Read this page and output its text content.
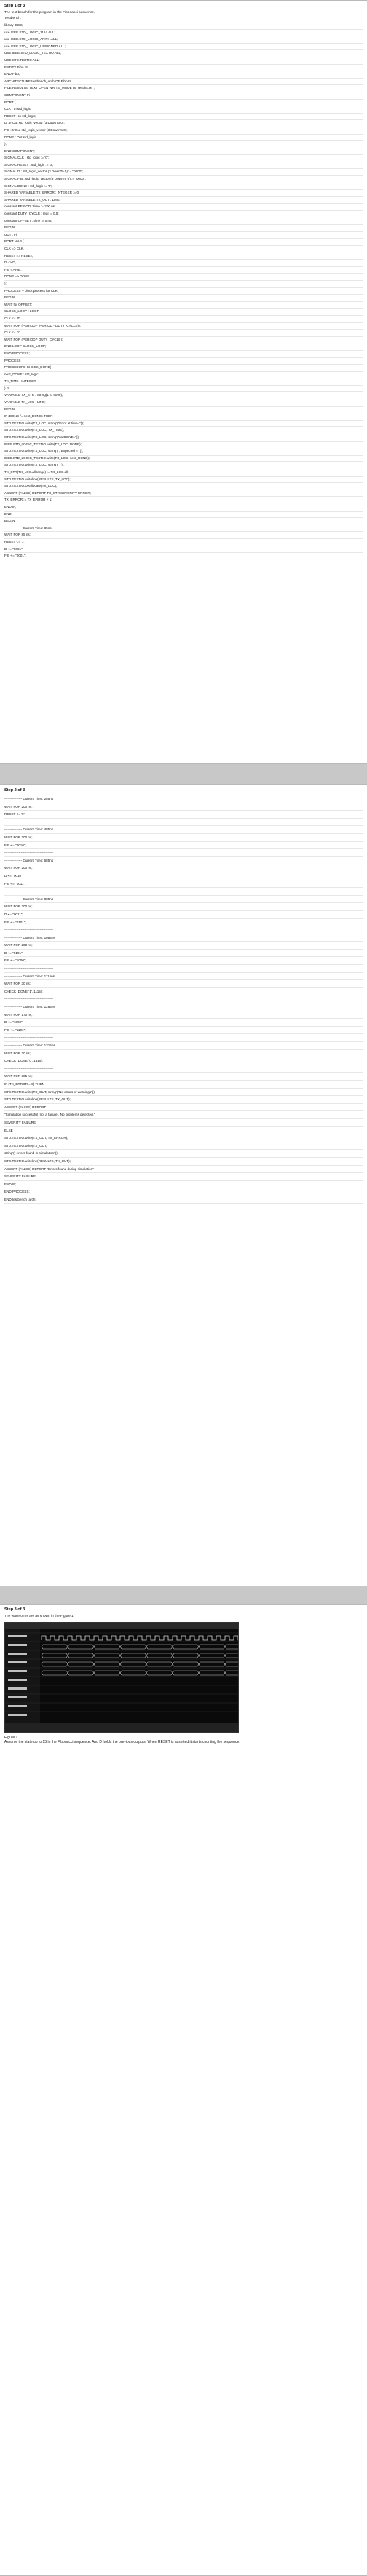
Step 1 of 3
The test bench for the program in the Fibonacci sequence.
Testbench:
library IEEE;
use IEEE.STD_LOGIC_1164.ALL;
use IEEE.STD_LOGIC_ARITH.ALL;
use IEEE.STD_LOGIC_UNSIGNED.ALL;
USE IEEE.STD_LOGIC_TEXTIO.ALL;
USE STD.TEXTIO.ALL;
ENTITY Fibo IS
END Fibo;
ARCHITECTURE testbench_arch OF Fibo IS
FILE RESULTS: TEXT OPEN WRITE_MODE IS "results.txt";
COMPONENT Fi
PORT (
CLK : In std_logic;
RESET : In std_logic;
D : InOut std_logic_vector (3 DownTo 0);
FIB : InOut std_logic_vector (3 DownTo 0);
DONE : Out std_logic
);
END COMPONENT;
SIGNAL CLK : std_logic := '0';
SIGNAL RESET : std_logic := '0';
SIGNAL D : std_logic_vector (3 DownTo 0) := "0000";
SIGNAL FIB : std_logic_vector (3 DownTo 0) := "0000";
SIGNAL DONE : std_logic := '0';
SHARED VARIABLE TX_ERROR : INTEGER := 0;
SHARED VARIABLE TX_OUT : LINE;
constant PERIOD : time := 200 ns;
constant DUTY_CYCLE : real := 0.5;
constant OFFSET : time := 0 ns;
BEGIN
UUT : Fi
PORT MAP (
CLK => CLK,
RESET => RESET,
D => D,
FIB => FIB,
DONE => DONE
);
PROCESS -- clock process for CLK
BEGIN
WAIT for OFFSET;
CLOCK_LOOP : LOOP
CLK <= '0';
WAIT FOR (PERIOD - (PERIOD * DUTY_CYCLE));
CLK <= '1';
WAIT FOR (PERIOD * DUTY_CYCLE);
END LOOP CLOCK_LOOP;
END PROCESS;
PROCESS
PROCEDURE CHECK_DONE(
next_DONE : std_logic;
TX_TIME : INTEGER
) IS
VARIABLE TX_STR : String(1 to 4096);
VARIABLE TX_LOC : LINE;
BEGIN
IF (DONE /= next_DONE) THEN
STD.TEXTIO.write(TX_LOC, string'("Error at time="));
STD.TEXTIO.write(TX_LOC, TX_TIME);
STD.TEXTIO.write(TX_LOC, string'("ns DONE="));
IEEE.STD_LOGIC_TEXTIO.write(TX_LOC, DONE);
STD.TEXTIO.write(TX_LOC, string'(", Expected = "));
IEEE.STD_LOGIC_TEXTIO.write(TX_LOC, next_DONE);
STD.TEXTIO.write(TX_LOC, string'(" "));
TX_STR(TX_LOC.all'range) := TX_LOC.all;
STD.TEXTIO.writeline(RESULTS, TX_LOC);
STD.TEXTIO.Deallocate(TX_LOC);
ASSERT (FALSE) REPORT TX_STR SEVERITY ERROR;
TX_ERROR := TX_ERROR + 1;
END IF;
END;
BEGIN
-- ------------- Current Time: 85ns
WAIT FOR 85 ns;
RESET <= '1';
D <= "0001";
FIB <= "0001";
Step 2 of 3
-- ------------- Current Time: 285ns
WAIT FOR 200 ns;
RESET <= '0';
-- -----------------------------------------
-- ------------- Current Time: 485ns
WAIT FOR 200 ns;
FIB <= "0010";
-- -----------------------------------------
-- ------------- Current Time: 685ns
WAIT FOR 200 ns;
D <= "0010";
FIB <= "0011";
-- -----------------------------------------
-- ------------- Current Time: 885ns
WAIT FOR 200 ns;
D <= "0011";
FIB <= "0101";
-- -----------------------------------------
-- ------------- Current Time: 1085ns
WAIT FOR 200 ns;
D <= "0101";
FIB <= "1000";
-- -----------------------------------------
-- ------------- Current Time: 1115ns
WAIT FOR 30 ns;
CHECK_DONE('1', 1115);
-- -----------------------------------------
-- ------------- Current Time: 1285ns
WAIT FOR 170 ns;
D <= "1000";
FIB <= "1101";
-- -----------------------------------------
-- ------------- Current Time: 1315ns
WAIT FOR 30 ns;
CHECK_DONE('0', 1315);
-- -----------------------------------------
WAIT FOR 385 ns;
IF (TX_ERROR = 0) THEN
STD.TEXTIO.write(TX_OUT, string'("No errors or warnings"));
STD.TEXTIO.writeline(RESULTS, TX_OUT);
ASSERT (FALSE) REPORT
"Simulation successful (not a failure). No problems detected."
SEVERITY FAILURE;
ELSE
STD.TEXTIO.write(TX_OUT, TX_ERROR);
STD.TEXTIO.write(TX_OUT,
string'(" errors found in simulation"));
STD.TEXTIO.writeline(RESULTS, TX_OUT);
ASSERT (FALSE) REPORT "Errors found during simulation"
SEVERITY FAILURE;
END IF;
END PROCESS;
END testbench_arch;
Step 3 of 3
The waveforms are as shown in the Figure 1
Figure 1
Assume the state up to 13 in the Fibonacci sequence. And D holds the previous outputs. When RESET is asserted it starts counting the sequence.
